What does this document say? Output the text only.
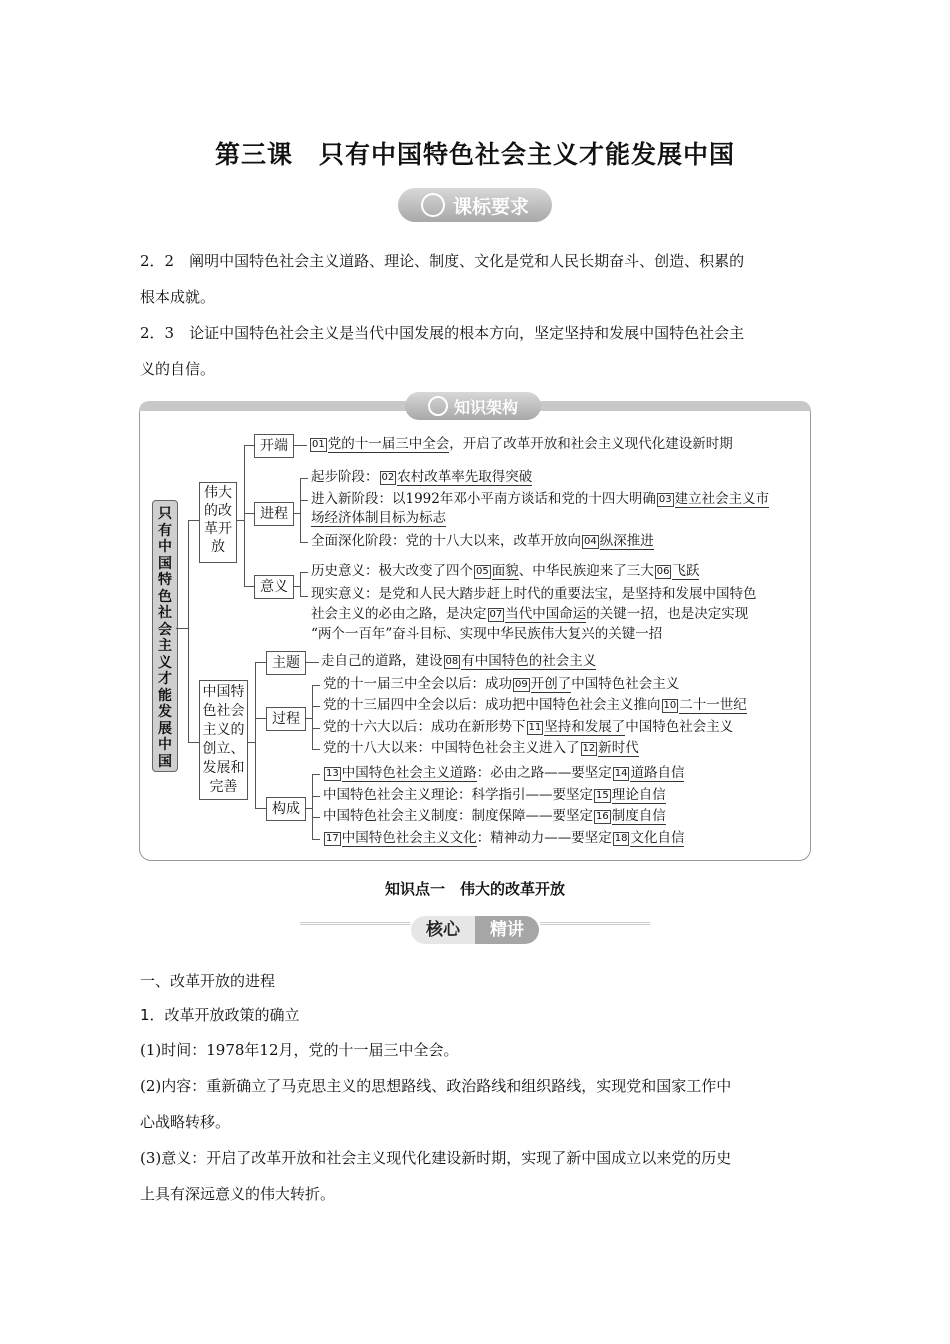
第三课　只有中国特色社会主义才能发展中国
课标要求
2．2　阐明中国特色社会主义道路、理论、制度、文化是党和人民长期奋斗、创造、积累的
根本成就。
2．3　论证中国特色社会主义是当代中国发展的根本方向，坚定坚持和发展中国特色社会主
义的自信。
知识架构
只有中国特色社会主义才能发展中国
伟大的改革开放
中国特色社会主义的创立、发展和完善
开端
进程
意义
01 党的十一届三中全会，开启了改革开放和社会主义现代化建设新时期
起步阶段： 02 农村改革率先取得突破
进入新阶段：以1992年邓小平南方谈话和党的十四大明确 03 建立社会主义市
场经济体制目标为标志
全面深化阶段：党的十八大以来，改革开放向 04 纵深推进
历史意义：极大改变了四个 05 面貌、中华民族迎来了三大 06 飞跃
现实意义：是党和人民大踏步赶上时代的重要法宝，是坚持和发展中国特色
社会主义的必由之路，是决定 07 当代中国命运的关键一招，也是决定实现
“两个一百年”奋斗目标、实现中华民族伟大复兴的关键一招
主题
过程
构成
走自己的道路，建设 08 有中国特色的社会主义
党的十一届三中全会以后：成功 09 开创了中国特色社会主义
党的十三届四中全会以后：成功把中国特色社会主义推向 10 二十一世纪
党的十六大以后：成功在新形势下 11 坚持和发展了中国特色社会主义
党的十八大以来：中国特色社会主义进入了 12 新时代
13 中国特色社会主义道路：必由之路——要坚定 14 道路自信
中国特色社会主义理论：科学指引——要坚定 15 理论自信
中国特色社会主义制度：制度保障——要坚定 16 制度自信
17 中国特色社会主义文化：精神动力——要坚定 18 文化自信
知识点一　伟大的改革开放
核心	精讲
一、改革开放的进程
1．改革开放政策的确立
(1)时间：1978年12月，党的十一届三中全会。
(2)内容：重新确立了马克思主义的思想路线、政治路线和组织路线，实现党和国家工作中
心战略转移。
(3)意义：开启了改革开放和社会主义现代化建设新时期，实现了新中国成立以来党的历史
上具有深远意义的伟大转折。
